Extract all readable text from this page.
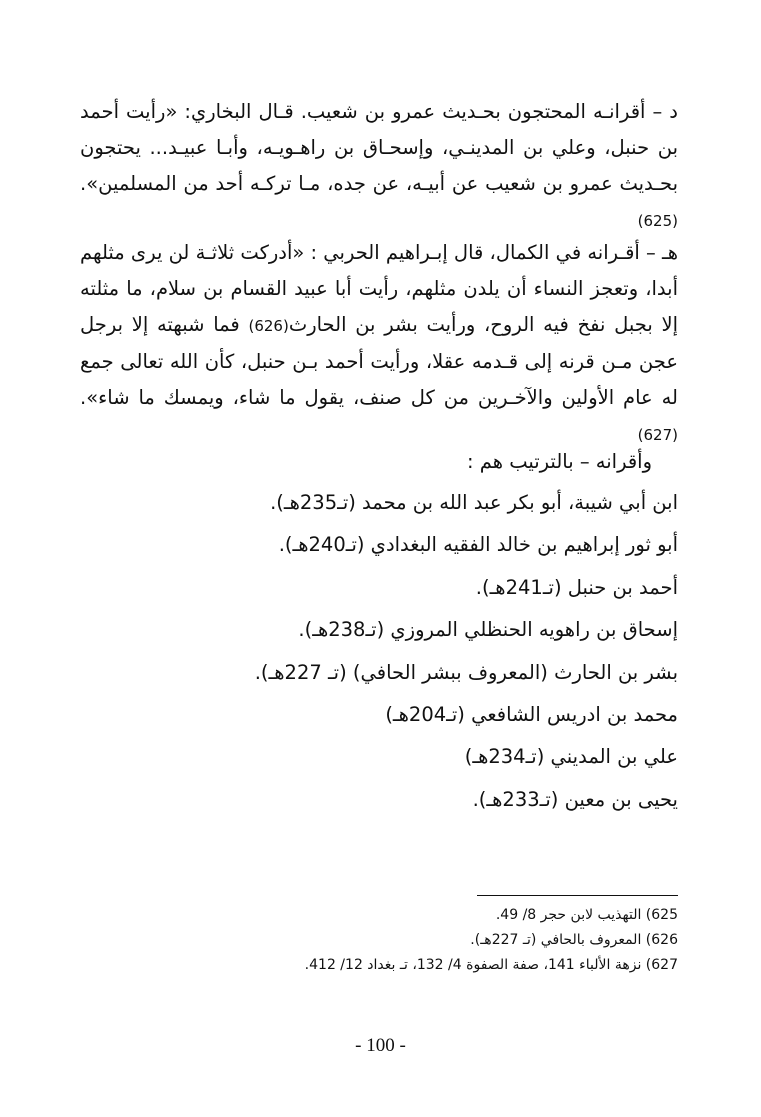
د – أقرانـه المحتجون بحـديث عمرو بن شعيب. قـال البخاري: «رأيت أحمد بن حنبل، وعلي بن المدينـي، وإسحـاق بن راهـويـه، وأبـا عبيـد... يحتجون بحـديث عمرو بن شعيب عن أبيـه، عن جده، مـا تركـه أحد من المسلمين».(625)

هـ – أقـرانه في الكمال، قال إبـراهيم الحربي : «أدركت ثلاثـة لن يرى مثلهم أبدا، وتعجز النساء أن يلدن مثلهم، رأيت أبا عبيد القسام بن سلام، ما مثلته إلا بجبل نفخ فيه الروح، ورأيت بشر بن الحارث(626) فما شبهته إلا برجل عجن مـن قرنه إلى قـدمه عقلا، ورأيت أحمد بـن حنبل، كأن الله تعالى جمع له عام الأولين والآخـرين من كل صنف، يقول ما شاء، ويمسك ما شاء».(627)

وأقرانه – بالترتيب هم :

ابن أبي شيبة، أبو بكر عبد الله بن محمد (تـ235هـ).
أبو ثور إبراهيم بن خالد الفقيه البغدادي (تـ240هـ).
أحمد بن حنبل (تـ241هـ).
إسحاق بن راهويه الحنظلي المروزي (تـ238هـ).
بشر بن الحارث (المعروف ببشر الحافي) (تـ 227هـ).
محمد بن ادريس الشافعي (تـ204هـ)
علي بن المديني (تـ234هـ)
يحيى بن معين (تـ233هـ).
625) التهذيب لابن حجر 8/ 49.
626) المعروف بالحافي (تـ 227هـ).
627) نزهة الألباء 141، صفة الصفوة 4/ 132، تـ بغداد 12/ 412.
- 100 -
